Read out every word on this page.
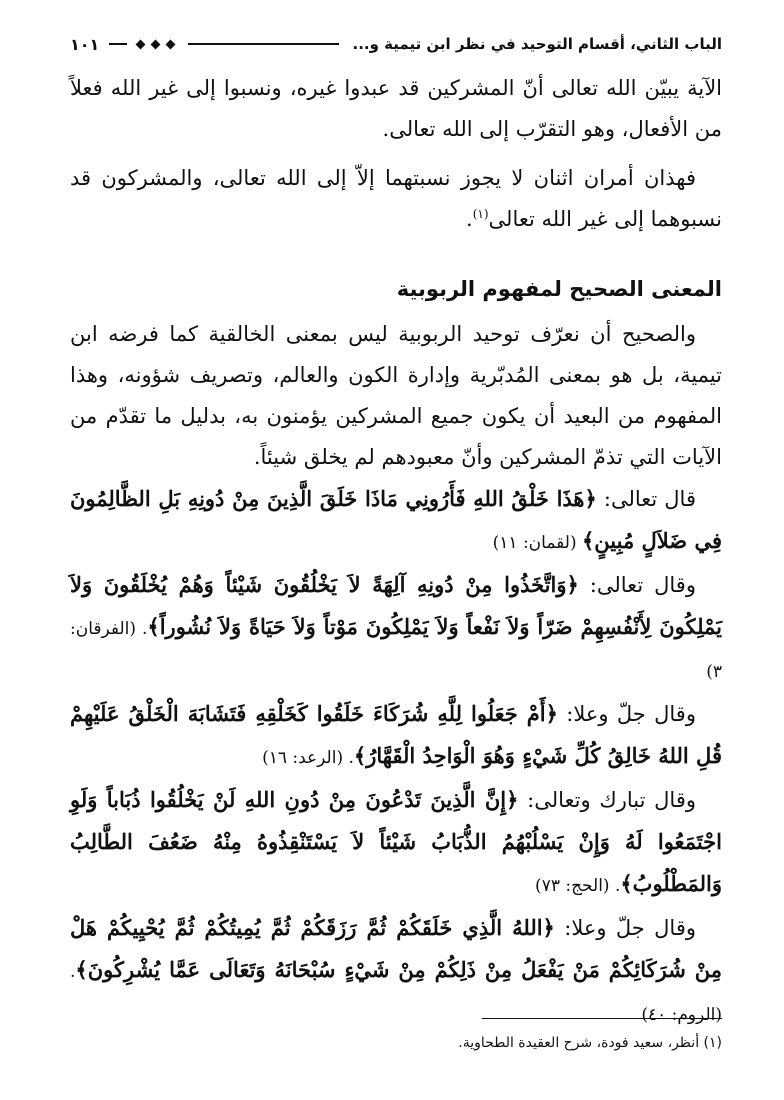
الباب الثاني، أقسام التوحيد في نظر ابن تيمية و...
١٠١

الآية يبيّن الله تعالى أنّ المشركين قد عبدوا غيره، ونسبوا إلى غير الله فعلاً من الأفعال، وهو التقرّب إلى الله تعالى.

فهذان أمران اثنان لا يجوز نسبتهما إلاّ إلى الله تعالى، والمشركون قد نسبوهما إلى غير الله تعالى$^{(١)}$.

المعنى الصحيح لمفهوم الربوبية

والصحيح أن نعرّف توحيد الربوبية ليس بمعنى الخالقية كما فرضه ابن تيمية، بل هو بمعنى المُدبّرية وإدارة الكون والعالم، وتصريف شؤونه، وهذا المفهوم من البعيد أن يكون جميع المشركين يؤمنون به، بدليل ما تقدّم من الآيات التي تذمّ المشركين وأنّ معبودهم لم يخلق شيئاً.

قال تعالى: ﴿هَذَا خَلْقُ اللهِ فَأَرُونِي مَاذَا خَلَقَ الَّذِينَ مِنْ دُونِهِ بَلِ الظَّالِمُونَ فِي ضَلاَلٍ مُبِينٍ﴾ (لقمان: ١١)

وقال تعالى: ﴿وَاتَّخَذُوا مِنْ دُونِهِ آلِهَةً لاَ يَخْلُقُونَ شَيْئاً وَهُمْ يُخْلَقُونَ وَلاَ يَمْلِكُونَ لِأَنْفُسِهِمْ ضَرّاً وَلاَ نَفْعاً وَلاَ يَمْلِكُونَ مَوْتاً وَلاَ حَيَاةً وَلاَ نُشُوراً﴾. (الفرقان: ٣)

وقال جلّ وعلا: ﴿أَمْ جَعَلُوا لِلَّهِ شُرَكَاءَ خَلَقُوا كَخَلْقِهِ فَتَشَابَهَ الْخَلْقُ عَلَيْهِمْ قُلِ اللهُ خَالِقُ كُلِّ شَيْءٍ وَهُوَ الْوَاحِدُ الْقَهَّارُ﴾. (الرعد: ١٦)

وقال تبارك وتعالى: ﴿إِنَّ الَّذِينَ تَدْعُونَ مِنْ دُونِ اللهِ لَنْ يَخْلُقُوا ذُبَاباً وَلَوِ اجْتَمَعُوا لَهُ وَإِنْ يَسْلُبْهُمُ الذُّبَابُ شَيْئاً لاَ يَسْتَنْقِذُوهُ مِنْهُ ضَعُفَ الطَّالِبُ وَالمَطْلُوبُ﴾. (الحج: ٧٣)

وقال جلّ وعلا: ﴿اللهُ الَّذِي خَلَقَكُمْ ثُمَّ رَزَقَكُمْ ثُمَّ يُمِيتُكُمْ ثُمَّ يُحْيِيكُمْ هَلْ مِنْ شُرَكَائِكُمْ مَنْ يَفْعَلُ مِنْ ذَلِكُمْ مِنْ شَيْءٍ سُبْحَانَهُ وَتَعَالَى عَمَّا يُشْرِكُونَ﴾. (الروم: ٤٠)

(١) أنظر، سعيد فودة، شرح العقيدة الطحاوية.
